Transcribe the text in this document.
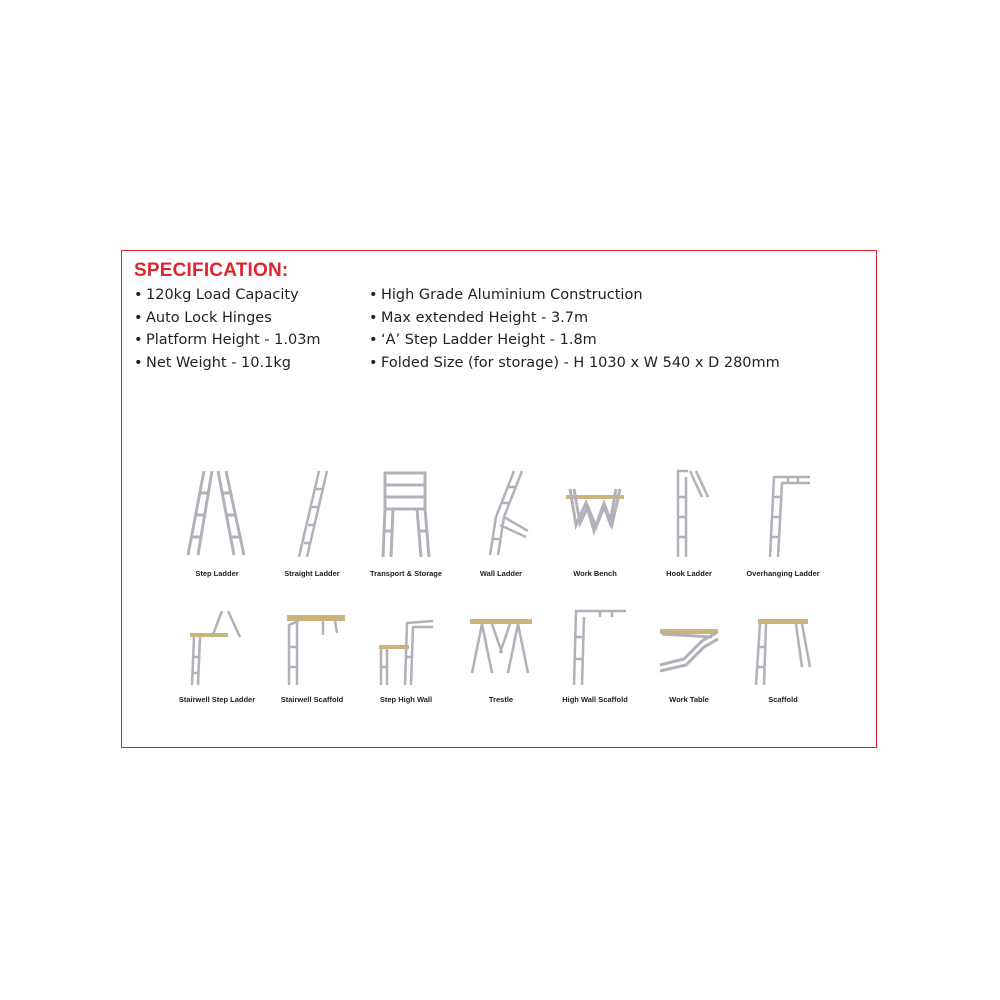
SPECIFICATION:
• 120kg Load Capacity
• Auto Lock Hinges
• Platform Height - 1.03m
• Net Weight - 10.1kg
• High Grade Aluminium Construction
• Max extended Height - 3.7m
• ‘A’ Step Ladder Height - 1.8m
• Folded Size (for storage) - H 1030 x W 540 x D 280mm
Step Ladder	Straight Ladder	Transport & Storage	Wall Ladder	Work Bench	Hook Ladder	Overhanging Ladder
Stairwell Step Ladder	Stairwell Scaffold	Step High Wall	Trestle	High Wall Scaffold	Work Table	Scaffold
